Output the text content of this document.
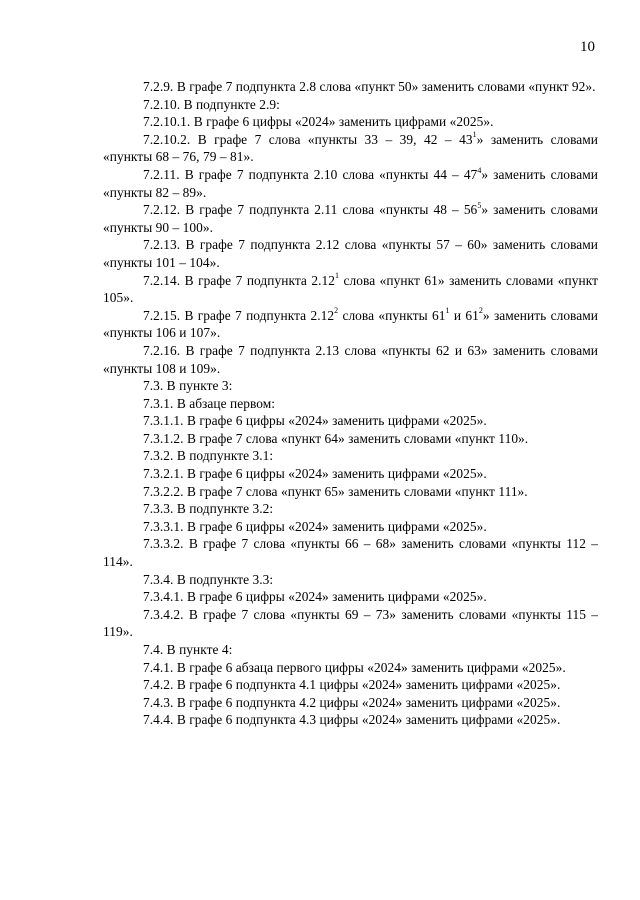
10

7.2.9. В графе 7 подпункта 2.8 слова «пункт 50» заменить словами «пункт 92».

7.2.10. В подпункте 2.9:

7.2.10.1. В графе 6 цифры «2024» заменить цифрами «2025».

7.2.10.2. В графе 7 слова «пункты 33 – 39, $42 - 43^1$» заменить словами «пункты 68 – 76, 79 – 81».

7.2.11. В графе 7 подпункта 2.10 слова «пункты $44 - 47^4$» заменить словами «пункты 82 – 89».

7.2.12. В графе 7 подпункта 2.11 слова «пункты $48 - 56^5$» заменить словами «пункты 90 – 100».

7.2.13. В графе 7 подпункта 2.12 слова «пункты 57 – 60» заменить словами «пункты 101 – 104».

7.2.14. В графе 7 подпункта 2.12$^1$ слова «пункт 61» заменить словами «пункт 105».

7.2.15. В графе 7 подпункта 2.12$^2$ слова «пункты $61^1$ и $61^2$» заменить словами «пункты 106 и 107».

7.2.16. В графе 7 подпункта 2.13 слова «пункты 62 и 63» заменить словами «пункты 108 и 109».

7.3. В пункте 3:

7.3.1. В абзаце первом:

7.3.1.1. В графе 6 цифры «2024» заменить цифрами «2025».

7.3.1.2. В графе 7 слова «пункт 64» заменить словами «пункт 110».

7.3.2. В подпункте 3.1:

7.3.2.1. В графе 6 цифры «2024» заменить цифрами «2025».

7.3.2.2. В графе 7 слова «пункт 65» заменить словами «пункт 111».

7.3.3. В подпункте 3.2:

7.3.3.1. В графе 6 цифры «2024» заменить цифрами «2025».

7.3.3.2. В графе 7 слова «пункты 66 – 68» заменить словами «пункты 112 – 114».

7.3.4. В подпункте 3.3:

7.3.4.1. В графе 6 цифры «2024» заменить цифрами «2025».

7.3.4.2. В графе 7 слова «пункты 69 – 73» заменить словами «пункты 115 – 119».

7.4. В пункте 4:

7.4.1. В графе 6 абзаца первого цифры «2024» заменить цифрами «2025».

7.4.2. В графе 6 подпункта 4.1 цифры «2024» заменить цифрами «2025».

7.4.3. В графе 6 подпункта 4.2 цифры «2024» заменить цифрами «2025».

7.4.4. В графе 6 подпункта 4.3 цифры «2024» заменить цифрами «2025».
